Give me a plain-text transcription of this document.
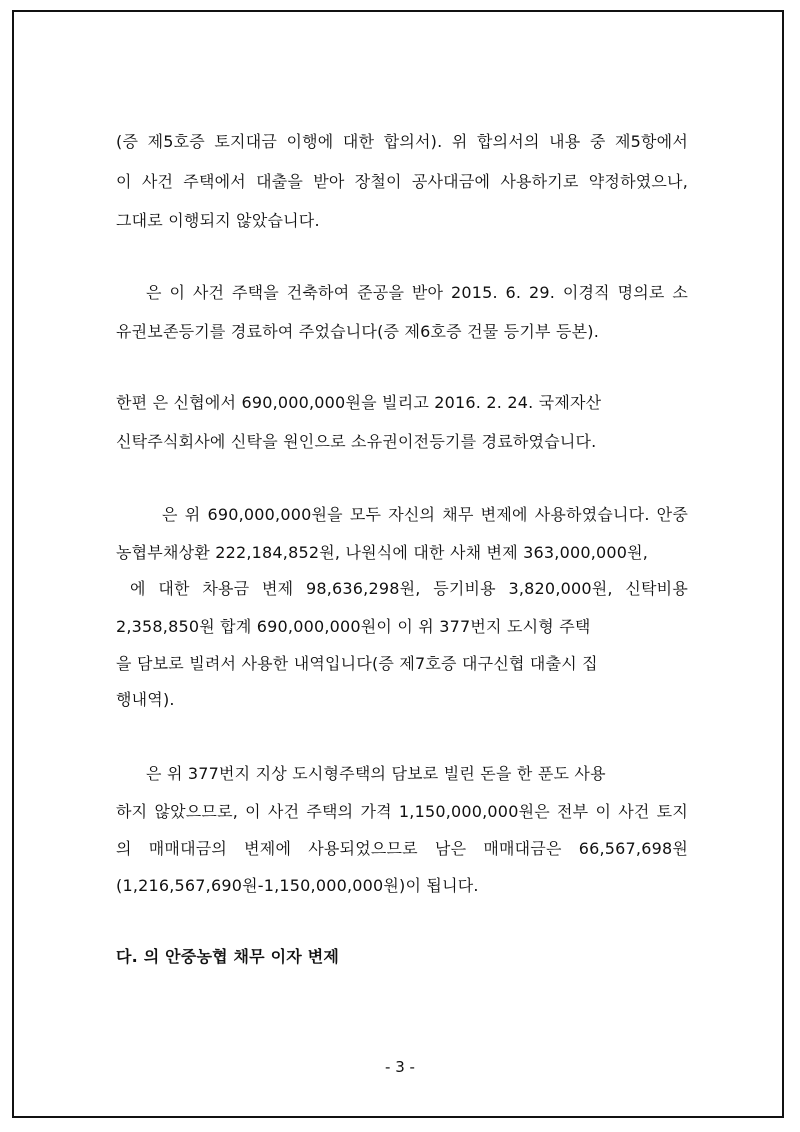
(증 제5호증 토지대금 이행에 대한 합의서). 위 합의서의 내용 중 제5항에서
이 사건 주택에서 대출을 받아 장철이 공사대금에 사용하기로 약정하였으나,
그대로 이행되지 않았습니다.
은 이 사건 주택을 건축하여 준공을 받아 2015. 6. 29. 이경직 명의로 소
유권보존등기를 경료하여 주었습니다(증 제6호증 건물 등기부 등본).
한편 은 신협에서 690,000,000원을 빌리고 2016. 2. 24. 국제자산
신탁주식회사에 신탁을 원인으로 소유권이전등기를 경료하였습니다.
은 위 690,000,000원을 모두 자신의 채무 변제에 사용하였습니다. 안중
농협부채상환 222,184,852원, 나원식에 대한 사채 변제 363,000,000원,
에 대한 차용금 변제 98,636,298원, 등기비용 3,820,000원, 신탁비용
2,358,850원 합계 690,000,000원이 이 위 377번지 도시형 주택
을 담보로 빌려서 사용한 내역입니다(증 제7호증 대구신협 대출시 집
행내역).
은 위 377번지 지상 도시형주택의 담보로 빌린 돈을 한 푼도 사용
하지 않았으므로, 이 사건 주택의 가격 1,150,000,000원은 전부 이 사건 토지
의 매매대금의 변제에 사용되었으므로 남은 매매대금은 66,567,698원
(1,216,567,690원-1,150,000,000원)이 됩니다.
다. 의 안중농협 채무 이자 변제
- 3 -
